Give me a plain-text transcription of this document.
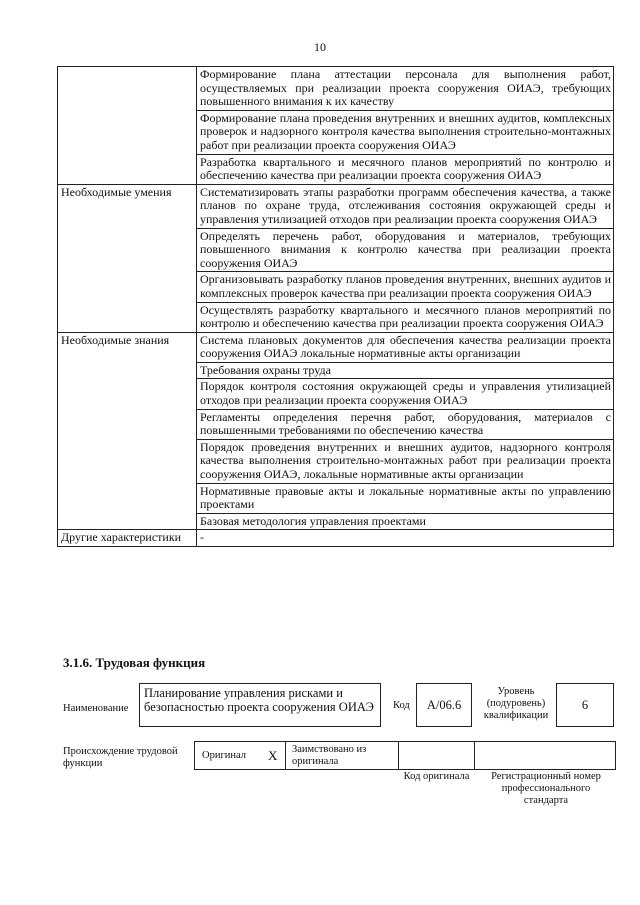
10
	Формирование плана аттестации персонала для выполнения работ, осуществляемых при реализации проекта сооружения ОИАЭ, требующих повышенного внимания к их качеству
	Формирование плана проведения внутренних и внешних аудитов, комплексных проверок и надзорного контроля качества выполнения строительно-монтажных работ при реализации проекта сооружения ОИАЭ
	Разработка квартального и месячного планов мероприятий по контролю и обеспечению качества при реализации проекта сооружения ОИАЭ
Необходимые умения	Систематизировать этапы разработки программ обеспечения качества, а также планов по охране труда, отслеживания состояния окружающей среды и управления утилизацией отходов при реализации проекта сооружения ОИАЭ
	Определять перечень работ, оборудования и материалов, требующих повышенного внимания к контролю качества при реализации проекта сооружения ОИАЭ
	Организовывать разработку планов проведения внутренних, внешних аудитов и комплексных проверок качества при реализации проекта сооружения ОИАЭ
	Осуществлять разработку квартального и месячного планов мероприятий по контролю и обеспечению качества при реализации проекта сооружения ОИАЭ
Необходимые знания	Система плановых документов для обеспечения качества реализации проекта сооружения ОИАЭ локальные нормативные акты организации
	Требования охраны труда
	Порядок контроля состояния окружающей среды и управления утилизацией отходов при реализации проекта сооружения ОИАЭ
	Регламенты определения перечня работ, оборудования, материалов с повышенными требованиями по обеспечению качества
	Порядок проведения внутренних и внешних аудитов, надзорного контроля качества выполнения строительно-монтажных работ при реализации проекта сооружения ОИАЭ, локальные нормативные акты организации
	Нормативные правовые акты и локальные нормативные акты по управлению проектами
	Базовая методология управления проектами
Другие характеристики	-
3.1.6. Трудовая функция
Наименование
Планирование управления рисками и безопасностью проекта сооружения ОИАЭ	Код A/06.6
Уровень (подуровень) квалификации
6
Происхождение трудовой функции
Оригинал X Заимствовано из оригинала
Код оригинала	Регистрационный номер профессионального стандарта
